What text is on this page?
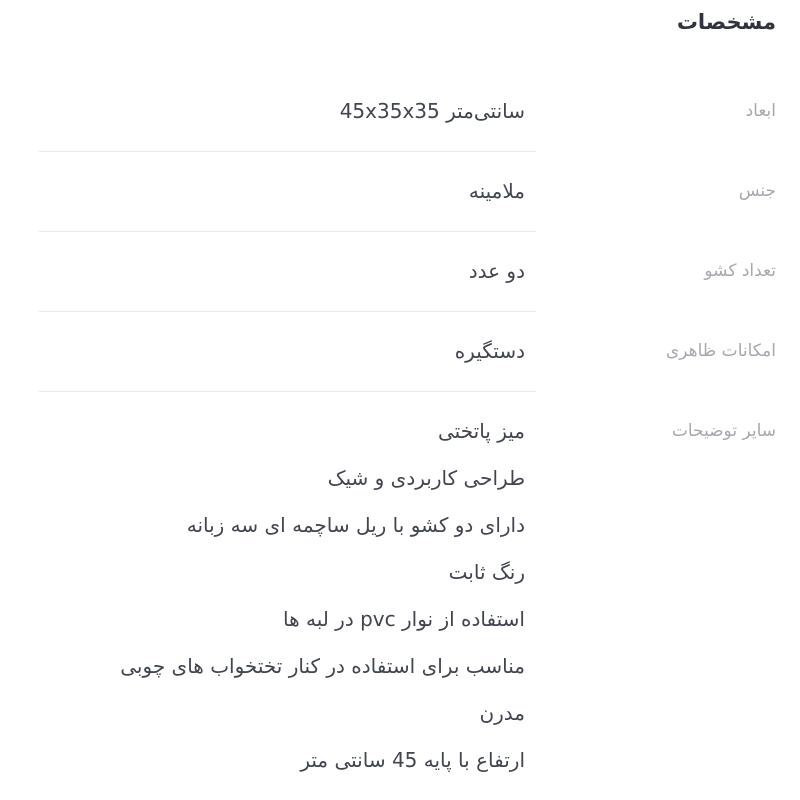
مشخصات
ابعاد
سانتی‌متر 45x35x35
جنس
ملامینه
تعداد کشو
دو عدد
امکانات ظاهری
دستگیره
سایر توضیحات
میز پاتختی
طراحی کاربردی و شیک
دارای دو کشو با ریل ساچمه ای سه زبانه
رنگ ثابت
استفاده از نوار pvc در لبه ها
مناسب برای استفاده در کنار تختخواب های چوبی
مدرن
ارتفاع با پایه 45 سانتی متر
